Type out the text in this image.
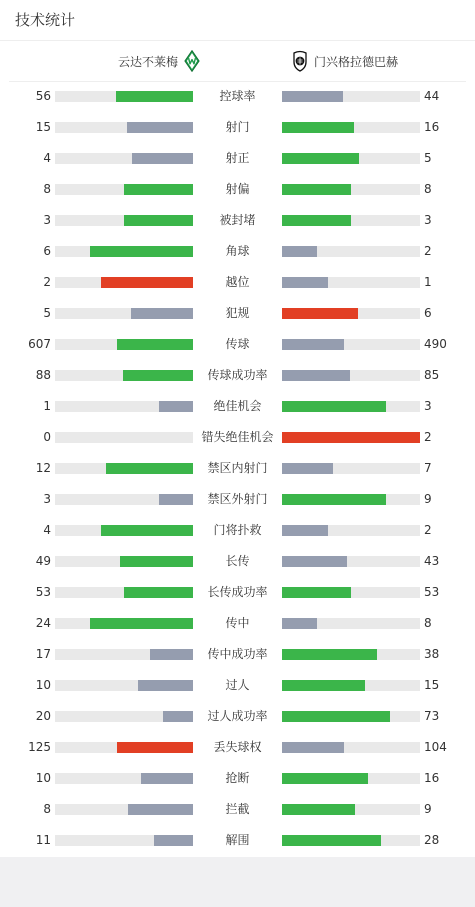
技术统计
云达不莱梅	门兴格拉德巴赫
56	控球率	44
15	射门	16
4	射正	5
8	射偏	8
3	被封堵	3
6	角球	2
2	越位	1
5	犯规	6
607	传球	490
88	传球成功率	85
1	绝佳机会	3
0	错失绝佳机会	2
12	禁区内射门	7
3	禁区外射门	9
4	门将扑救	2
49	长传	43
53	长传成功率	53
24	传中	8
17	传中成功率	38
10	过人	15
20	过人成功率	73
125	丢失球权	104
10	抢断	16
8	拦截	9
11	解围	28
